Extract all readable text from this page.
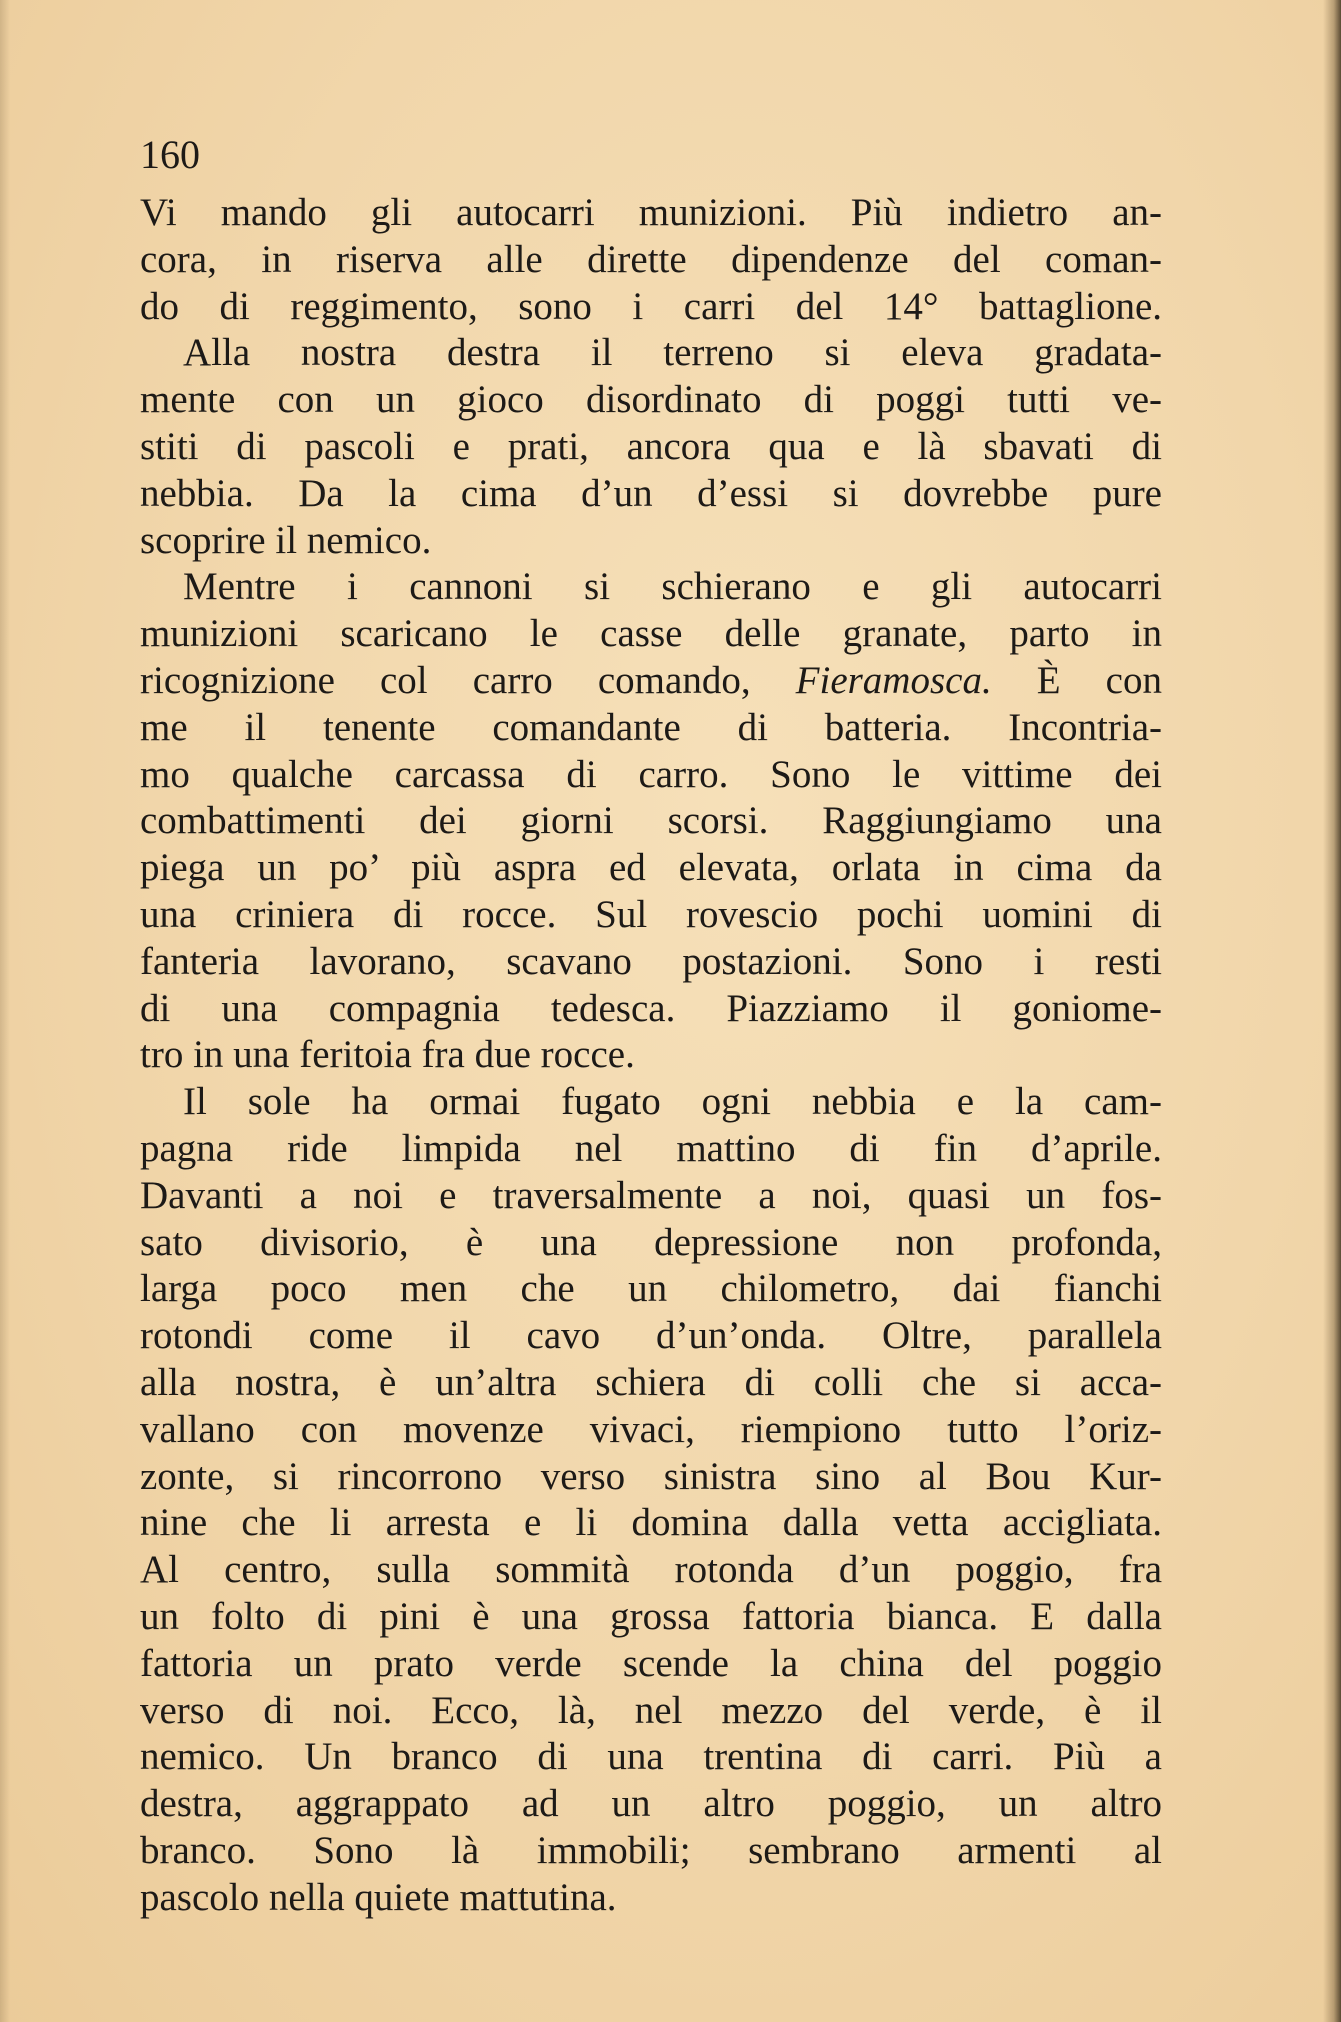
160
Vi mando gli autocarri munizioni. Più indietro an-
cora, in riserva alle dirette dipendenze del coman-
do di reggimento, sono i carri del 14° battaglione.
Alla nostra destra il terreno si eleva gradata-
mente con un gioco disordinato di poggi tutti ve-
stiti di pascoli e prati, ancora qua e là sbavati di
nebbia. Da la cima d’un d’essi si dovrebbe pure
scoprire il nemico.
Mentre i cannoni si schierano e gli autocarri
munizioni scaricano le casse delle granate, parto in
ricognizione col carro comando, Fieramosca. È con
me il tenente comandante di batteria. Incontria-
mo qualche carcassa di carro. Sono le vittime dei
combattimenti dei giorni scorsi. Raggiungiamo una
piega un po’ più aspra ed elevata, orlata in cima da
una criniera di rocce. Sul rovescio pochi uomini di
fanteria lavorano, scavano postazioni. Sono i resti
di una compagnia tedesca. Piazziamo il goniome-
tro in una feritoia fra due rocce.
Il sole ha ormai fugato ogni nebbia e la cam-
pagna ride limpida nel mattino di fin d’aprile.
Davanti a noi e traversalmente a noi, quasi un fos-
sato divisorio, è una depressione non profonda,
larga poco men che un chilometro, dai fianchi
rotondi come il cavo d’un’onda. Oltre, parallela
alla nostra, è un’altra schiera di colli che si acca-
vallano con movenze vivaci, riempiono tutto l’oriz-
zonte, si rincorrono verso sinistra sino al Bou Kur-
nine che li arresta e li domina dalla vetta accigliata.
Al centro, sulla sommità rotonda d’un poggio, fra
un folto di pini è una grossa fattoria bianca. E dalla
fattoria un prato verde scende la china del poggio
verso di noi. Ecco, là, nel mezzo del verde, è il
nemico. Un branco di una trentina di carri. Più a
destra, aggrappato ad un altro poggio, un altro
branco. Sono là immobili; sembrano armenti al
pascolo nella quiete mattutina.
